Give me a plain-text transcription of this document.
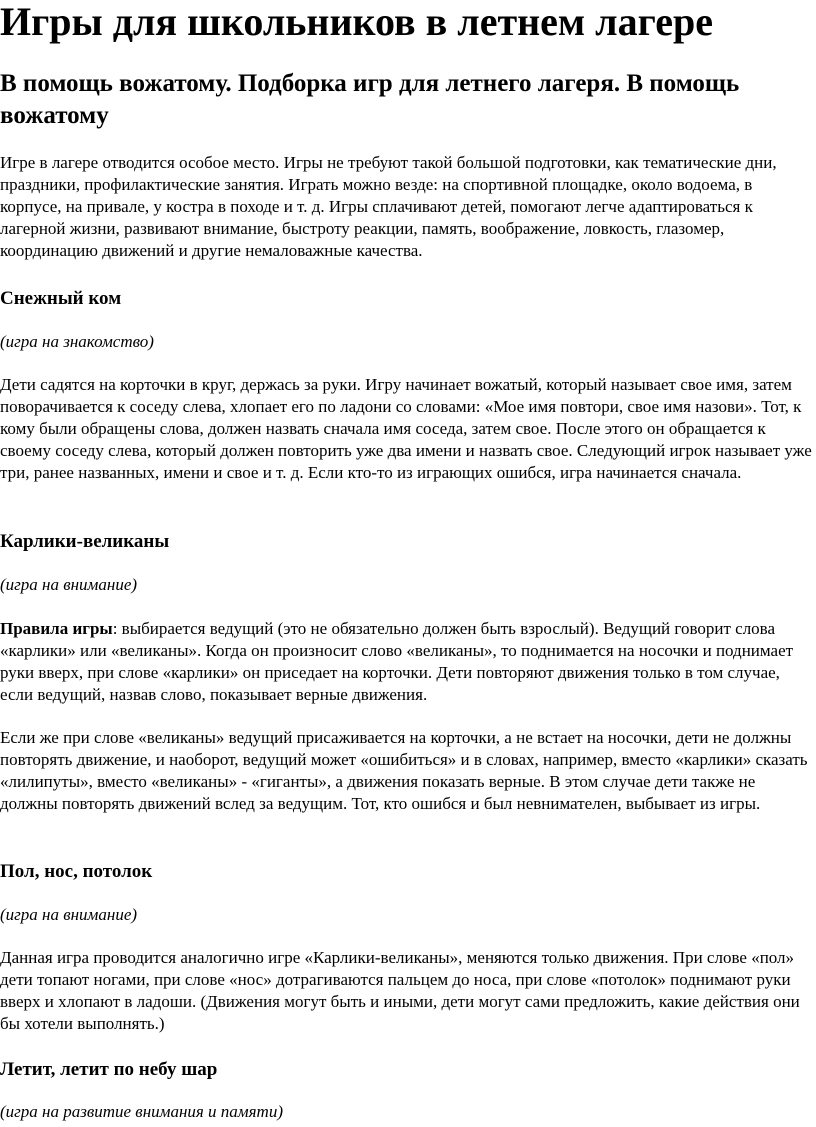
Игры для школьников в летнем лагере
В помощь вожатому. Подборка игр для летнего лагеря. В помощь вожатому

Игре в лагере отводится особое место. Игры не требуют такой большой подготовки, как тематические дни, праздники, профилактические занятия. Играть можно везде: на спортивной площадке, около водоема, в корпусе, на привале, у костра в походе и т. д. Игры сплачивают детей, помогают легче адаптироваться к лагерной жизни, развивают внимание, быстроту реакции, память, воображение, ловкость, глазомер, координацию движений и другие немаловажные качества.

Снежный ком

(игра на знакомство)

Дети садятся на корточки в круг, держась за руки. Игру начинает вожатый, который называет свое имя, затем поворачивается к соседу слева, хлопает его по ладони со словами: «Мое имя повтори, свое имя назови». Тот, к кому были обращены слова, должен назвать сначала имя соседа, затем свое. После этого он обращается к своему соседу слева, который должен повторить уже два имени и назвать свое. Следующий игрок называет уже три, ранее названных, имени и свое и т. д. Если кто-то из играющих ошибся, игра начинается сначала.

Карлики-великаны

(игра на внимание)

Правила игры: выбирается ведущий (это не обязательно должен быть взрослый). Ведущий говорит слова «карлики» или «великаны». Когда он произносит слово «великаны», то поднимается на носочки и поднимает руки вверх, при слове «карлики» он приседает на корточки. Дети повторяют движения только в том случае, если ведущий, назвав слово, показывает верные движения.

Если же при слове «великаны» ведущий присаживается на корточки, а не встает на носочки, дети не должны повторять движение, и наоборот, ведущий может «ошибиться» и в словах, например, вместо «карлики» сказать «лилипуты», вместо «великаны» - «гиганты», а движения показать верные. В этом случае дети также не должны повторять движений вслед за ведущим. Тот, кто ошибся и был невнимателен, выбывает из игры.

Пол, нос, потолок

(игра на внимание)

Данная игра проводится аналогично игре «Карлики-великаны», меняются только движения. При слове «пол» дети топают ногами, при слове «нос» дотрагиваются пальцем до носа, при слове «потолок» поднимают руки вверх и хлопают в ладоши. (Движения могут быть и иными, дети могут сами предложить, какие действия они бы хотели выполнять.)

Летит, летит по небу шар

(игра на развитие внимания и памяти)
